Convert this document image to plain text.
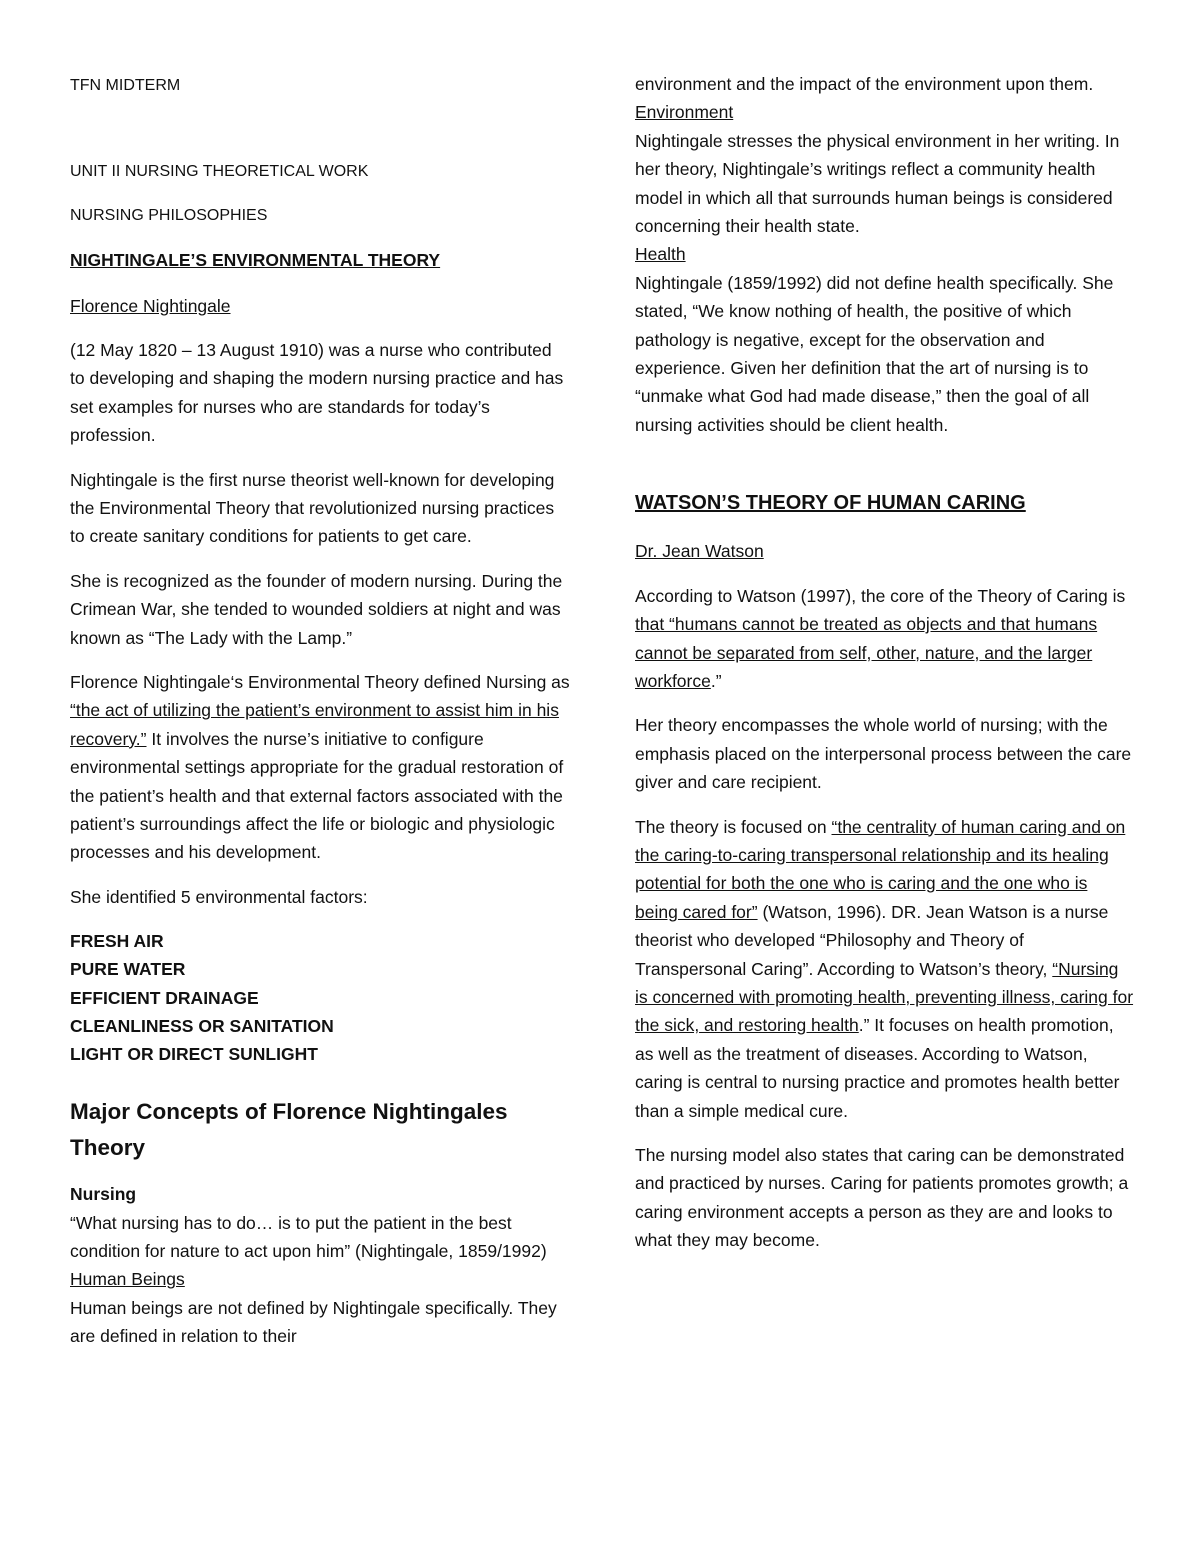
TFN MIDTERM

UNIT II NURSING THEORETICAL WORK

NURSING PHILOSOPHIES

NIGHTINGALE’S ENVIRONMENTAL THEORY

Florence Nightingale

(12 May 1820 – 13 August 1910) was a nurse who contributed to developing and shaping the modern nursing practice and has set examples for nurses who are standards for today’s profession.

Nightingale is the first nurse theorist well-known for developing the Environmental Theory that revolutionized nursing practices to create sanitary conditions for patients to get care.

She is recognized as the founder of modern nursing. During the Crimean War, she tended to wounded soldiers at night and was known as “The Lady with the Lamp.”

Florence Nightingale‘s Environmental Theory defined Nursing as “the act of utilizing the patient’s environment to assist him in his recovery.” It involves the nurse’s initiative to configure environmental settings appropriate for the gradual restoration of the patient’s health and that external factors associated with the patient’s surroundings affect the life or biologic and physiologic processes and his development.

She identified 5 environmental factors:

FRESH AIR
PURE WATER
EFFICIENT DRAINAGE
CLEANLINESS OR SANITATION
LIGHT OR DIRECT SUNLIGHT

Major Concepts of Florence Nightingales Theory

Nursing

“What nursing has to do… is to put the patient in the best condition for nature to act upon him” (Nightingale, 1859/1992)

Human Beings

Human beings are not defined by Nightingale specifically. They are defined in relation to their

environment and the impact of the environment upon them.

Environment

Nightingale stresses the physical environment in her writing. In her theory, Nightingale’s writings reflect a community health model in which all that surrounds human beings is considered concerning their health state.

Health

Nightingale (1859/1992) did not define health specifically. She stated, “We know nothing of health, the positive of which pathology is negative, except for the observation and experience. Given her definition that the art of nursing is to “unmake what God had made disease,” then the goal of all nursing activities should be client health.

WATSON’S THEORY OF HUMAN CARING

Dr. Jean Watson

According to Watson (1997), the core of the Theory of Caring is that “humans cannot be treated as objects and that humans cannot be separated from self, other, nature, and the larger workforce.”

Her theory encompasses the whole world of nursing; with the emphasis placed on the interpersonal process between the care giver and care recipient.

The theory is focused on “the centrality of human caring and on the caring-to-caring transpersonal relationship and its healing potential for both the one who is caring and the one who is being cared for” (Watson, 1996). DR. Jean Watson is a nurse theorist who developed “Philosophy and Theory of Transpersonal Caring”. According to Watson’s theory, “Nursing is concerned with promoting health, preventing illness, caring for the sick, and restoring health.” It focuses on health promotion, as well as the treatment of diseases. According to Watson, caring is central to nursing practice and promotes health better than a simple medical cure.

The nursing model also states that caring can be demonstrated and practiced by nurses. Caring for patients promotes growth; a caring environment accepts a person as they are and looks to what they may become.
